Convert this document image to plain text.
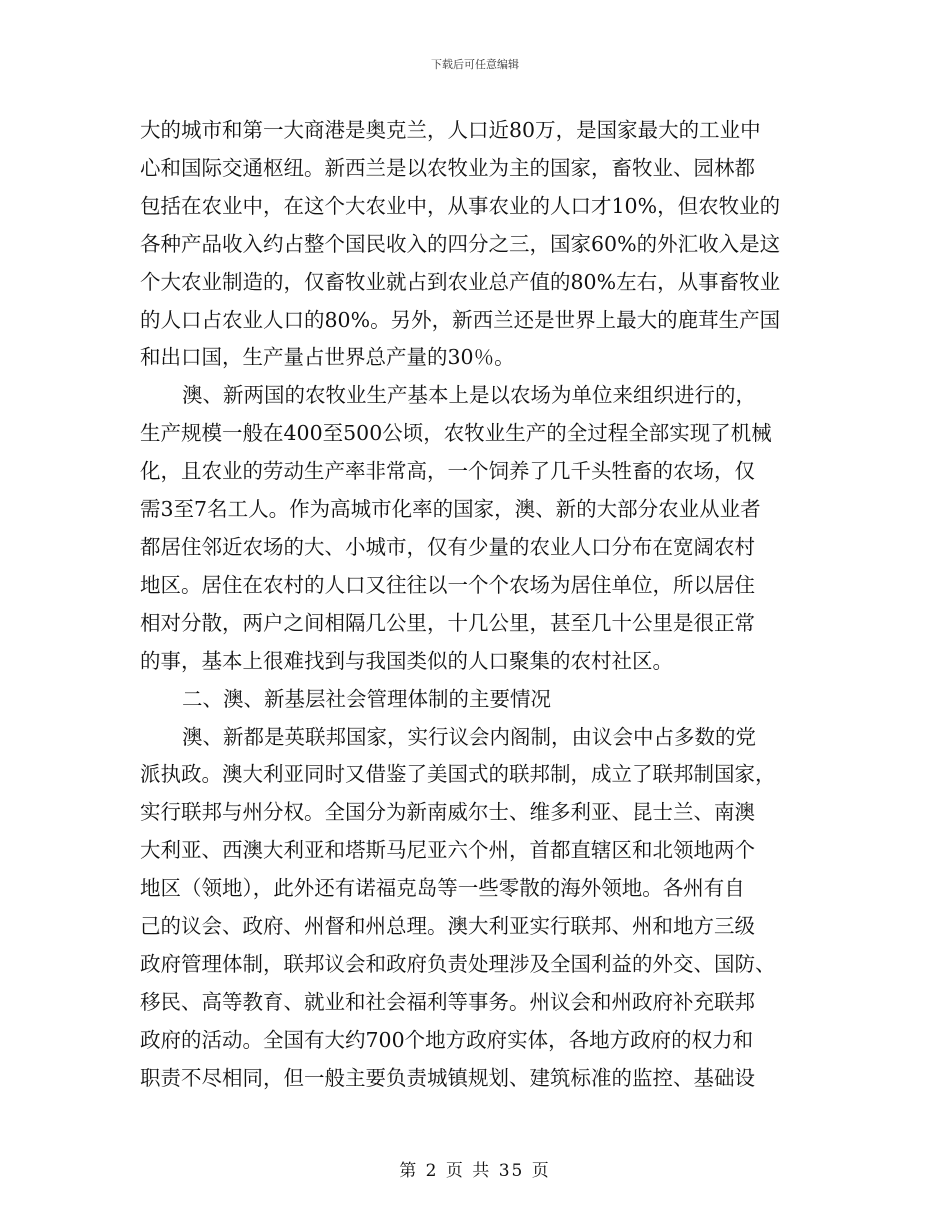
下载后可任意编辑

大的城市和第一大商港是奥克兰，人口近80万，是国家最大的工业中
心和国际交通枢纽。新西兰是以农牧业为主的国家，畜牧业、园林都
包括在农业中，在这个大农业中，从事农业的人口才10%，但农牧业的
各种产品收入约占整个国民收入的四分之三，国家60%的外汇收入是这
个大农业制造的，仅畜牧业就占到农业总产值的80%左右，从事畜牧业
的人口占农业人口的80%。另外，新西兰还是世界上最大的鹿茸生产国
和出口国，生产量占世界总产量的30％。

澳、新两国的农牧业生产基本上是以农场为单位来组织进行的，
生产规模一般在400至500公顷，农牧业生产的全过程全部实现了机械
化，且农业的劳动生产率非常高，一个饲养了几千头牲畜的农场，仅
需3至7名工人。作为高城市化率的国家，澳、新的大部分农业从业者
都居住邻近农场的大、小城市，仅有少量的农业人口分布在宽阔农村
地区。居住在农村的人口又往往以一个个农场为居住单位，所以居住
相对分散，两户之间相隔几公里，十几公里，甚至几十公里是很正常
的事，基本上很难找到与我国类似的人口聚集的农村社区。

二、澳、新基层社会管理体制的主要情况

澳、新都是英联邦国家，实行议会内阁制，由议会中占多数的党
派执政。澳大利亚同时又借鉴了美国式的联邦制，成立了联邦制国家，
实行联邦与州分权。全国分为新南威尔士、维多利亚、昆士兰、南澳
大利亚、西澳大利亚和塔斯马尼亚六个州，首都直辖区和北领地两个
地区（领地），此外还有诺福克岛等一些零散的海外领地。各州有自
己的议会、政府、州督和州总理。澳大利亚实行联邦、州和地方三级
政府管理体制，联邦议会和政府负责处理涉及全国利益的外交、国防、
移民、高等教育、就业和社会福利等事务。州议会和州政府补充联邦
政府的活动。全国有大约700个地方政府实体，各地方政府的权力和
职责不尽相同，但一般主要负责城镇规划、建筑标准的监控、基础设

第 2 页 共 35 页
